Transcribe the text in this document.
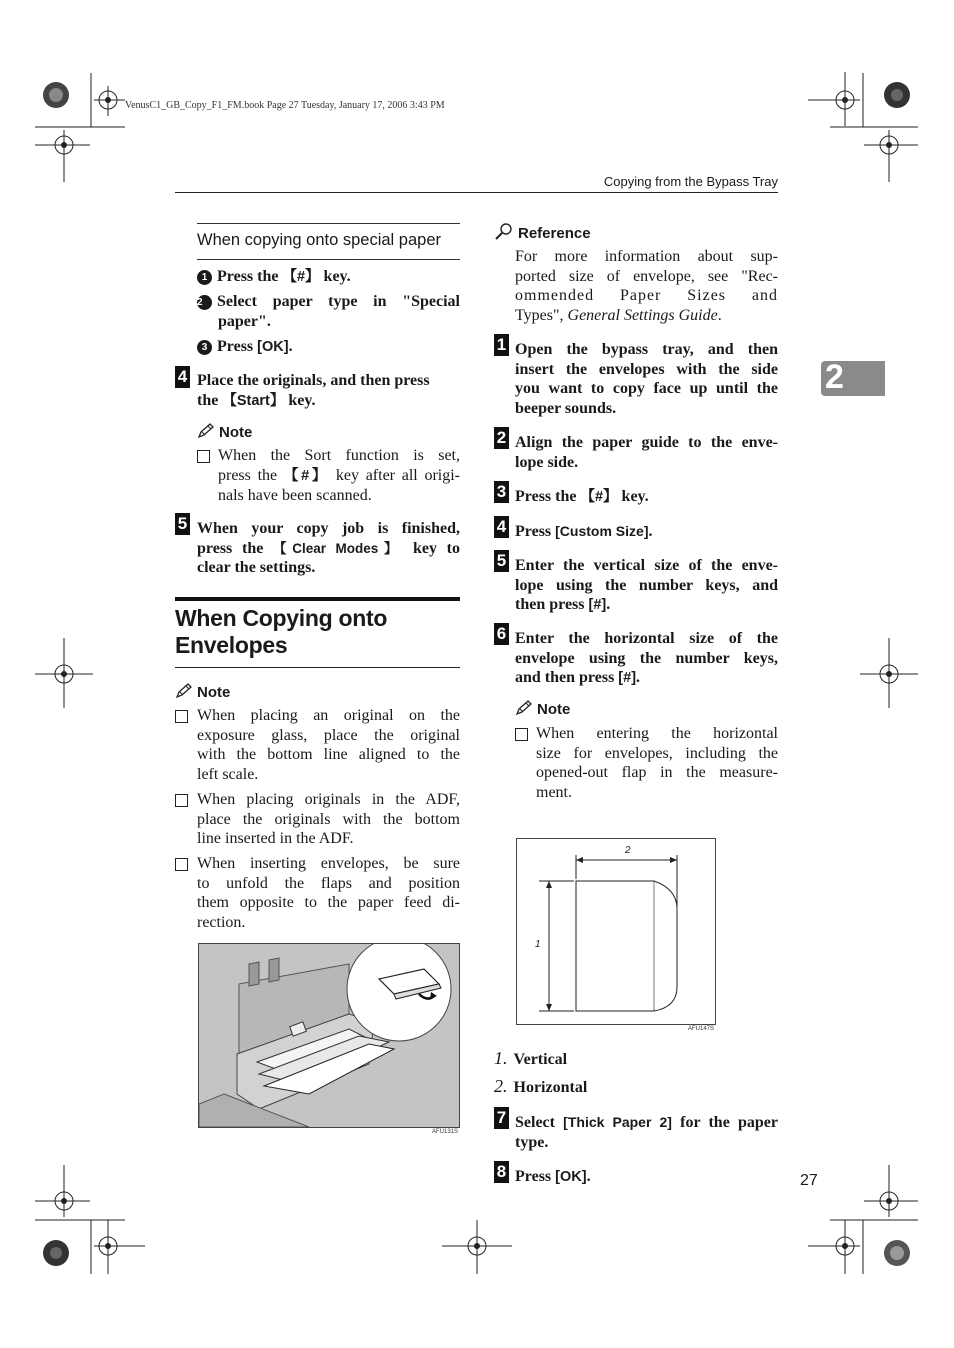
VenusC1_GB_Copy_F1_FM.book Page 27 Tuesday, January 17, 2006 3:43 PM
Copying from the Bypass Tray
2
When copying onto special paper
1 Press the 【#】 key.
2 Select paper type in "Special
paper".
3 Press [OK].
4 Place the originals, and then press
the 【Start】 key.
Note
When the Sort function is set,
press the 【#】 key after all origi-
nals have been scanned.
5 When your copy job is finished,
press the 【Clear Modes】 key to
clear the settings.
When Copying onto
Envelopes
Note
When placing an original on the
exposure glass, place the original
with the bottom line aligned to the
left scale.
When placing originals in the ADF,
place the originals with the bottom
line inserted in the ADF.
When inserting envelopes, be sure
to unfold the flaps and position
them opposite to the paper feed di-
rection.
AFU131S
Reference
For more information about sup-
ported size of envelope, see "Rec-
ommended Paper Sizes and
Types", General Settings Guide.
1 Open the bypass tray, and then
insert the envelopes with the side
you want to copy face up until the
beeper sounds.
2 Align the paper guide to the enve-
lope side.
3 Press the 【#】 key.
4 Press [Custom Size].
5 Enter the vertical size of the enve-
lope using the number keys, and
then press [#].
6 Enter the horizontal size of the
envelope using the number keys,
and then press [#].
Note
When entering the horizontal
size for envelopes, including the
opened-out flap in the measure-
ment.
2
1
AFU147S
1. Vertical
2. Horizontal
7 Select [Thick Paper 2] for the paper
type.
8 Press [OK].	27
